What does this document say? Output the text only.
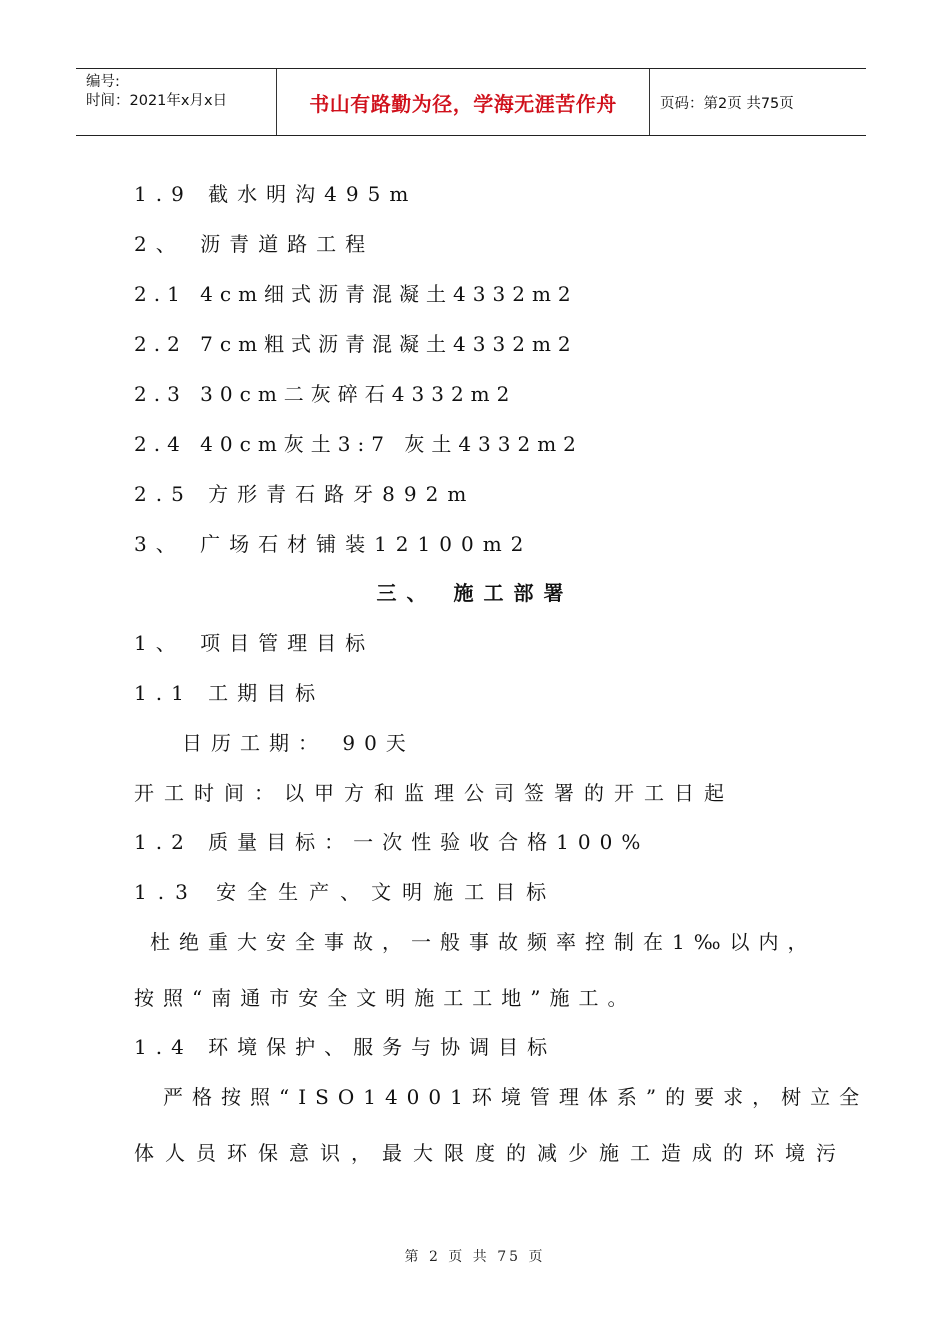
编号:
时间：2021年x月x日	书山有路勤为径，学海无涯苦作舟	页码：第2页 共75页
1.9 截水明沟495m
2、 沥青道路工程
2.1 4cm细式沥青混凝土4332m2
2.2 7cm粗式沥青混凝土4332m2
2.3 30cm二灰碎石4332m2
2.4 40cm灰土3:7 灰土4332m2
2.5 方形青石路牙892m
3、 广场石材铺装12100m2
三、 施工部署
1、 项目管理目标
1.1 工期目标
日历工期： 90天
开工时间：以甲方和监理公司签署的开工日起
1.2 质量目标：一次性验收合格100%
1.3 安全生产、文明施工目标
杜绝重大安全事故，一般事故频率控制在1‰以内，
按照“南通市安全文明施工工地”施工。
1.4 环境保护、服务与协调目标
严格按照“ISO14001环境管理体系”的要求，树立全
体人员环保意识，最大限度的减少施工造成的环境污
第 2 页 共 75 页
